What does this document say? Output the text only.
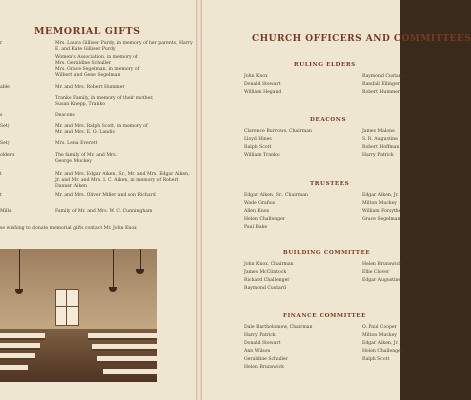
MEMORIAL GIFTS
r	Mrs. Laura Gilliser Purdy, in memory of her parents, Harry E. and Kate Gilliser Purdy
Women's Association, in memory of
Mrs. Geraldine Schuller
Mrs. Grace Segelman, in memory of
Wilbert and Gene Segelman
able	Mr. and Mrs. Robert Hummer
Tranko Family, in memory of their mother,
Susan Knepp, Tranko
s	Deacons
Set)	Mr. and Mrs. Ralph Scott, in memory of
Mr. and Mrs. E. O. Landis
Set)	Mrs. Lena Everett
olders	The family of Mr. and Mrs.
George Muckey
t	Mr. and Mrs. Edgar Aiken, Sr., Mr. and Mrs. Edgar Aiken, Jr. and Mr. and Mrs. I. C. Aiken, in memory of Robert Danner Aiken
t	Mr. and Mrs. Oliver Miller and son Richard
Mills	Family of Mr. and Mrs. W. C. Cunningham
se wishing to donate memorial gifts contact Mr. John Knox
CHURCH OFFICERS AND COMMITTEES
RULING ELDERS
John Knox
Donald Stewart
William Hegand
Raymond Custard
Randall Ellinger
Robert Hummer
DEACONS
Clarence Burrows, Chairman
Lloyd Hines
Ralph Scott
William Tranko
James Malone
S. R. Augustine
Robert Hoffman
Harry Patrick
TRUSTEES
Edgar Aiken, Sr., Chairman
Wade Grafius
Allen Knox
Helen Challenger
Paul Bake
Edgar Aiken, Jr.
Milton Muckey
William Forsythe
Grace Segelman
BUILDING COMMITTEE
John Knox, Chairman
James McClintock
Richard Challenger
Raymond Custard
Helen Brunswick
Ellie Clover
Edgar Augustine
FINANCE COMMITTEE
Dale Bartholomew, Chairman
Harry Patrick
Donald Stewart
Ann Wilson
Geraldine Schuller
Helen Brunswick
O. Paul Cooper
Milton Muckey
Edgar Aiken, Jr.
Helen Challenger
Ralph Scott
